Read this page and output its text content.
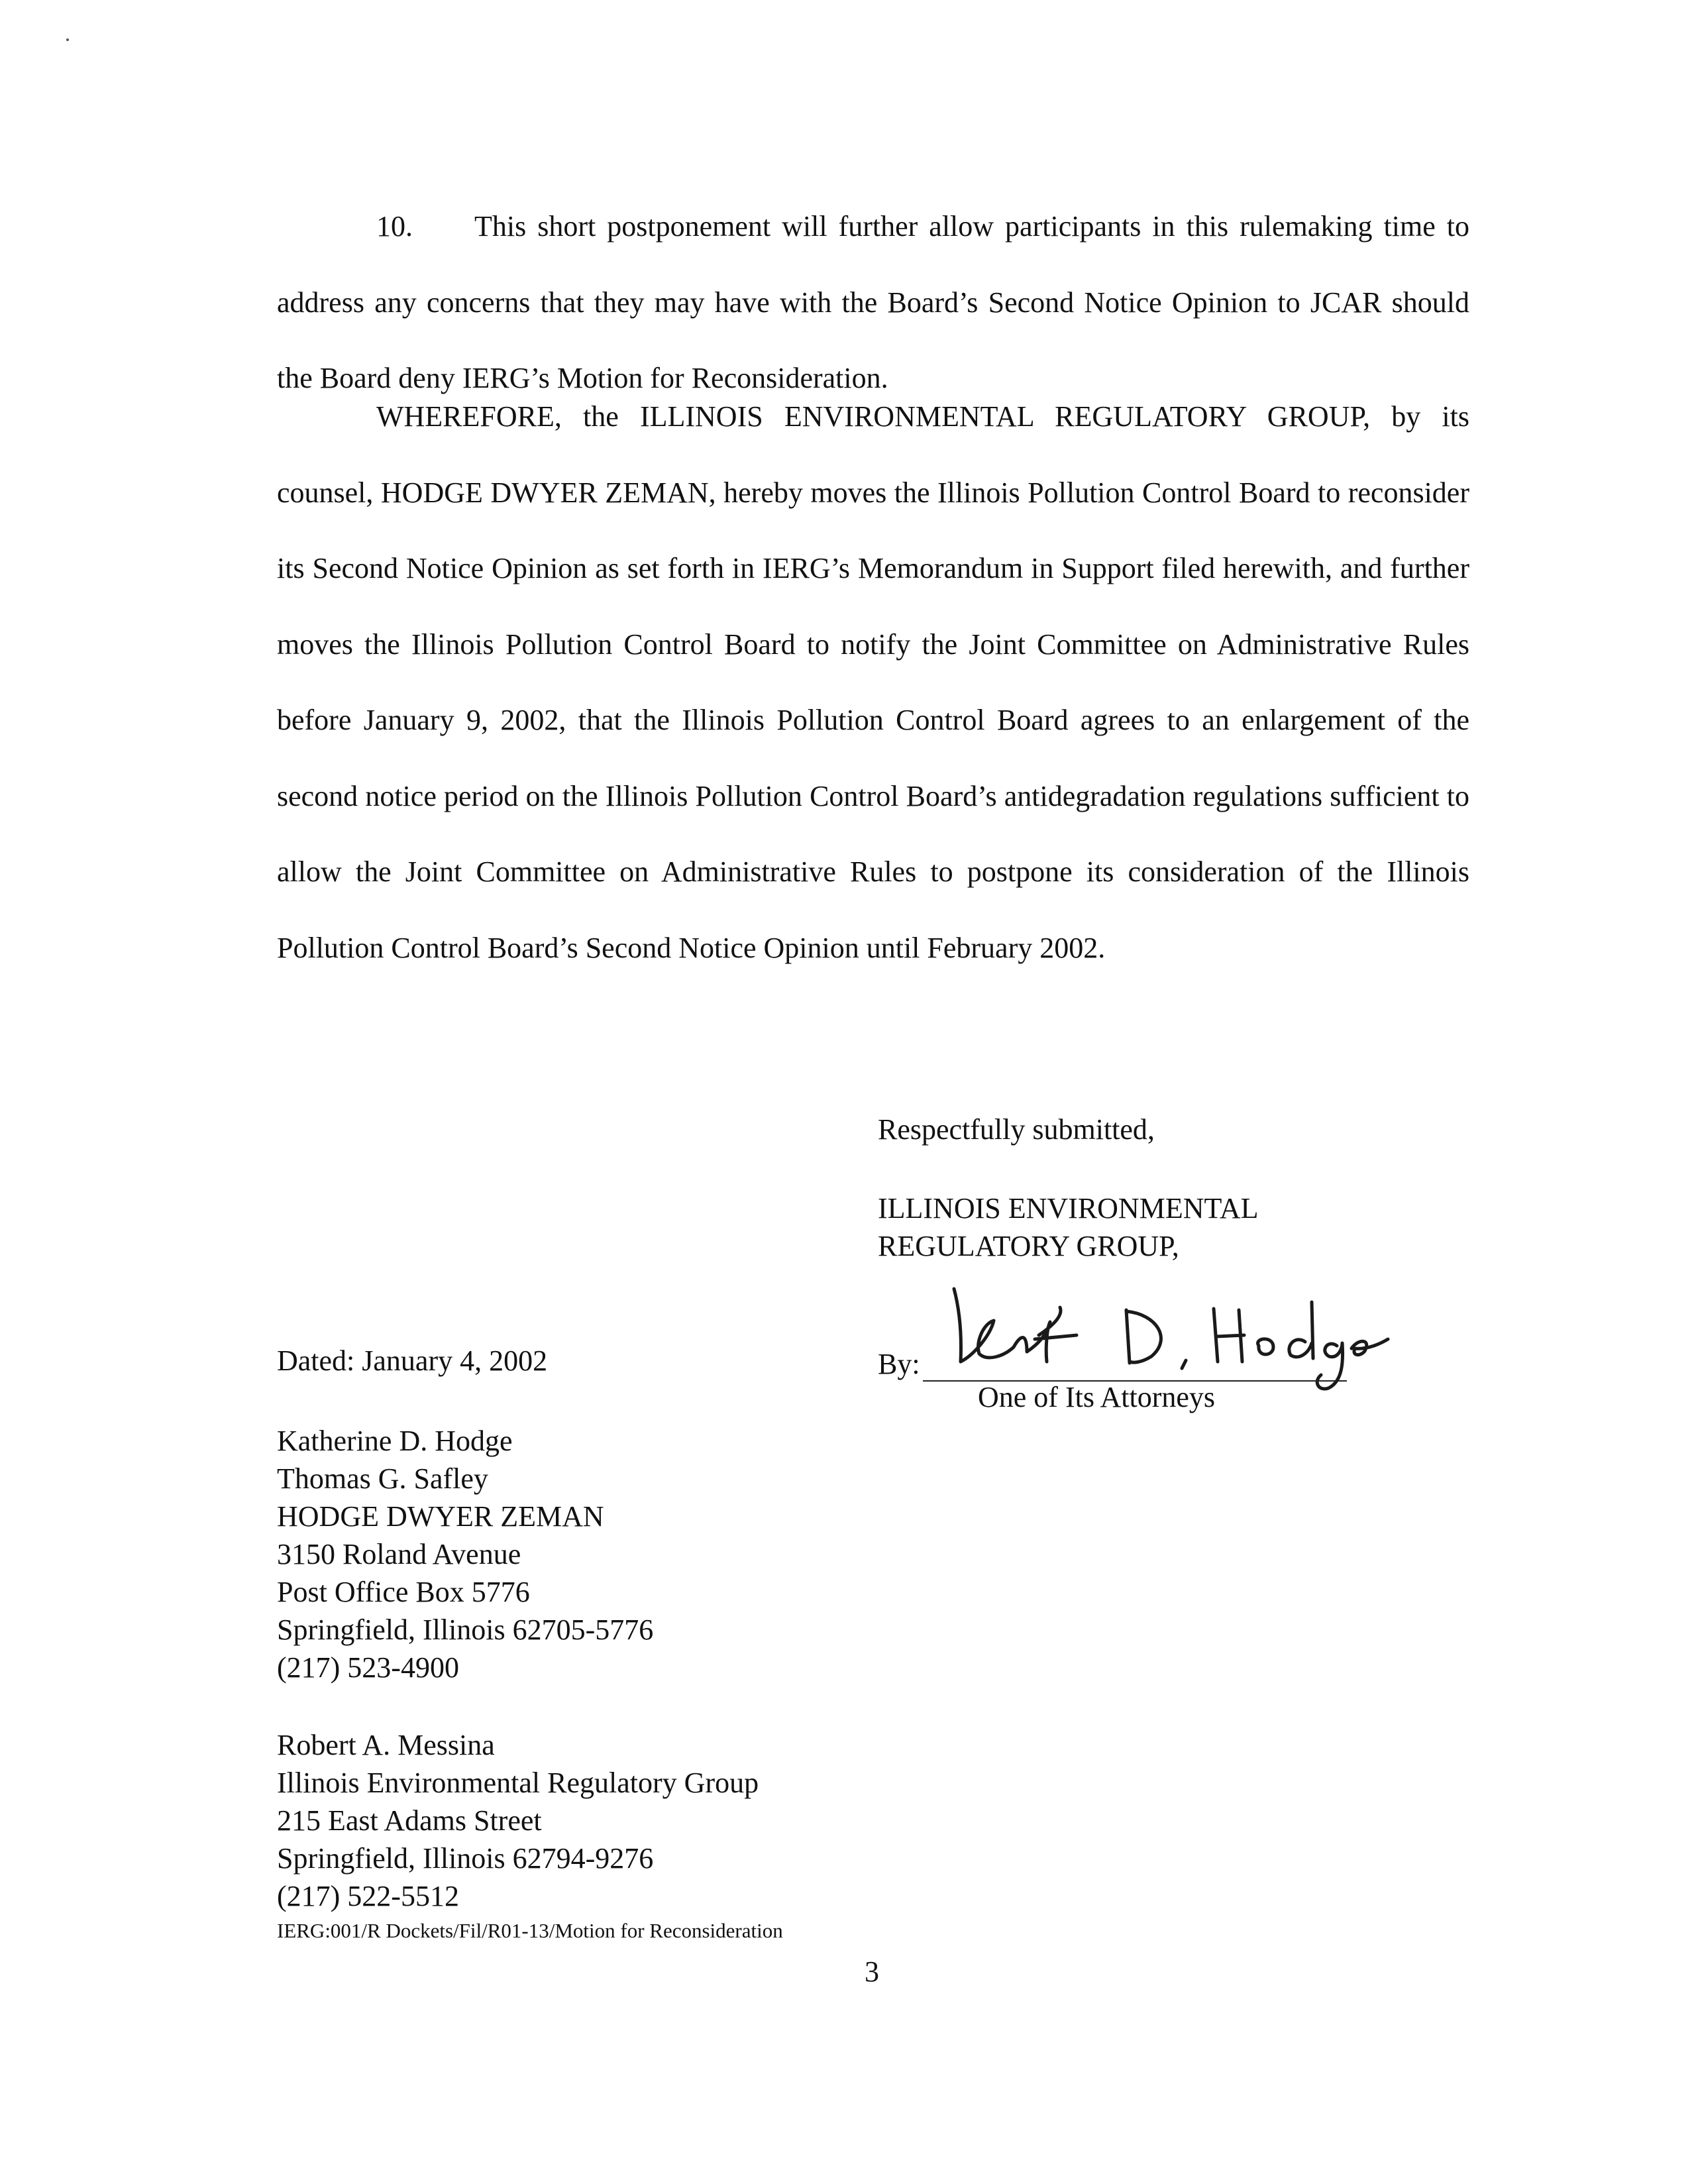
10. This short postponement will further allow participants in this rulemaking time to address any concerns that they may have with the Board’s Second Notice Opinion to JCAR should the Board deny IERG’s Motion for Reconsideration.

WHEREFORE, the ILLINOIS ENVIRONMENTAL REGULATORY GROUP, by its counsel, HODGE DWYER ZEMAN, hereby moves the Illinois Pollution Control Board to reconsider its Second Notice Opinion as set forth in IERG’s Memorandum in Support filed herewith, and further moves the Illinois Pollution Control Board to notify the Joint Committee on Administrative Rules before January 9, 2002, that the Illinois Pollution Control Board agrees to an enlargement of the second notice period on the Illinois Pollution Control Board’s antidegradation regulations sufficient to allow the Joint Committee on Administrative Rules to postpone its consideration of the Illinois Pollution Control Board’s Second Notice Opinion until February 2002.

Respectfully submitted,
ILLINOIS ENVIRONMENTAL
REGULATORY GROUP,
Dated: January 4, 2002	By:
One of Its Attorneys
Katherine D. Hodge
Thomas G. Safley
HODGE DWYER ZEMAN
3150 Roland Avenue
Post Office Box 5776
Springfield, Illinois 62705-5776
(217) 523-4900
Robert A. Messina
Illinois Environmental Regulatory Group
215 East Adams Street
Springfield, Illinois 62794-9276
(217) 522-5512
IERG:001/R Dockets/Fil/R01-13/Motion for Reconsideration
3
